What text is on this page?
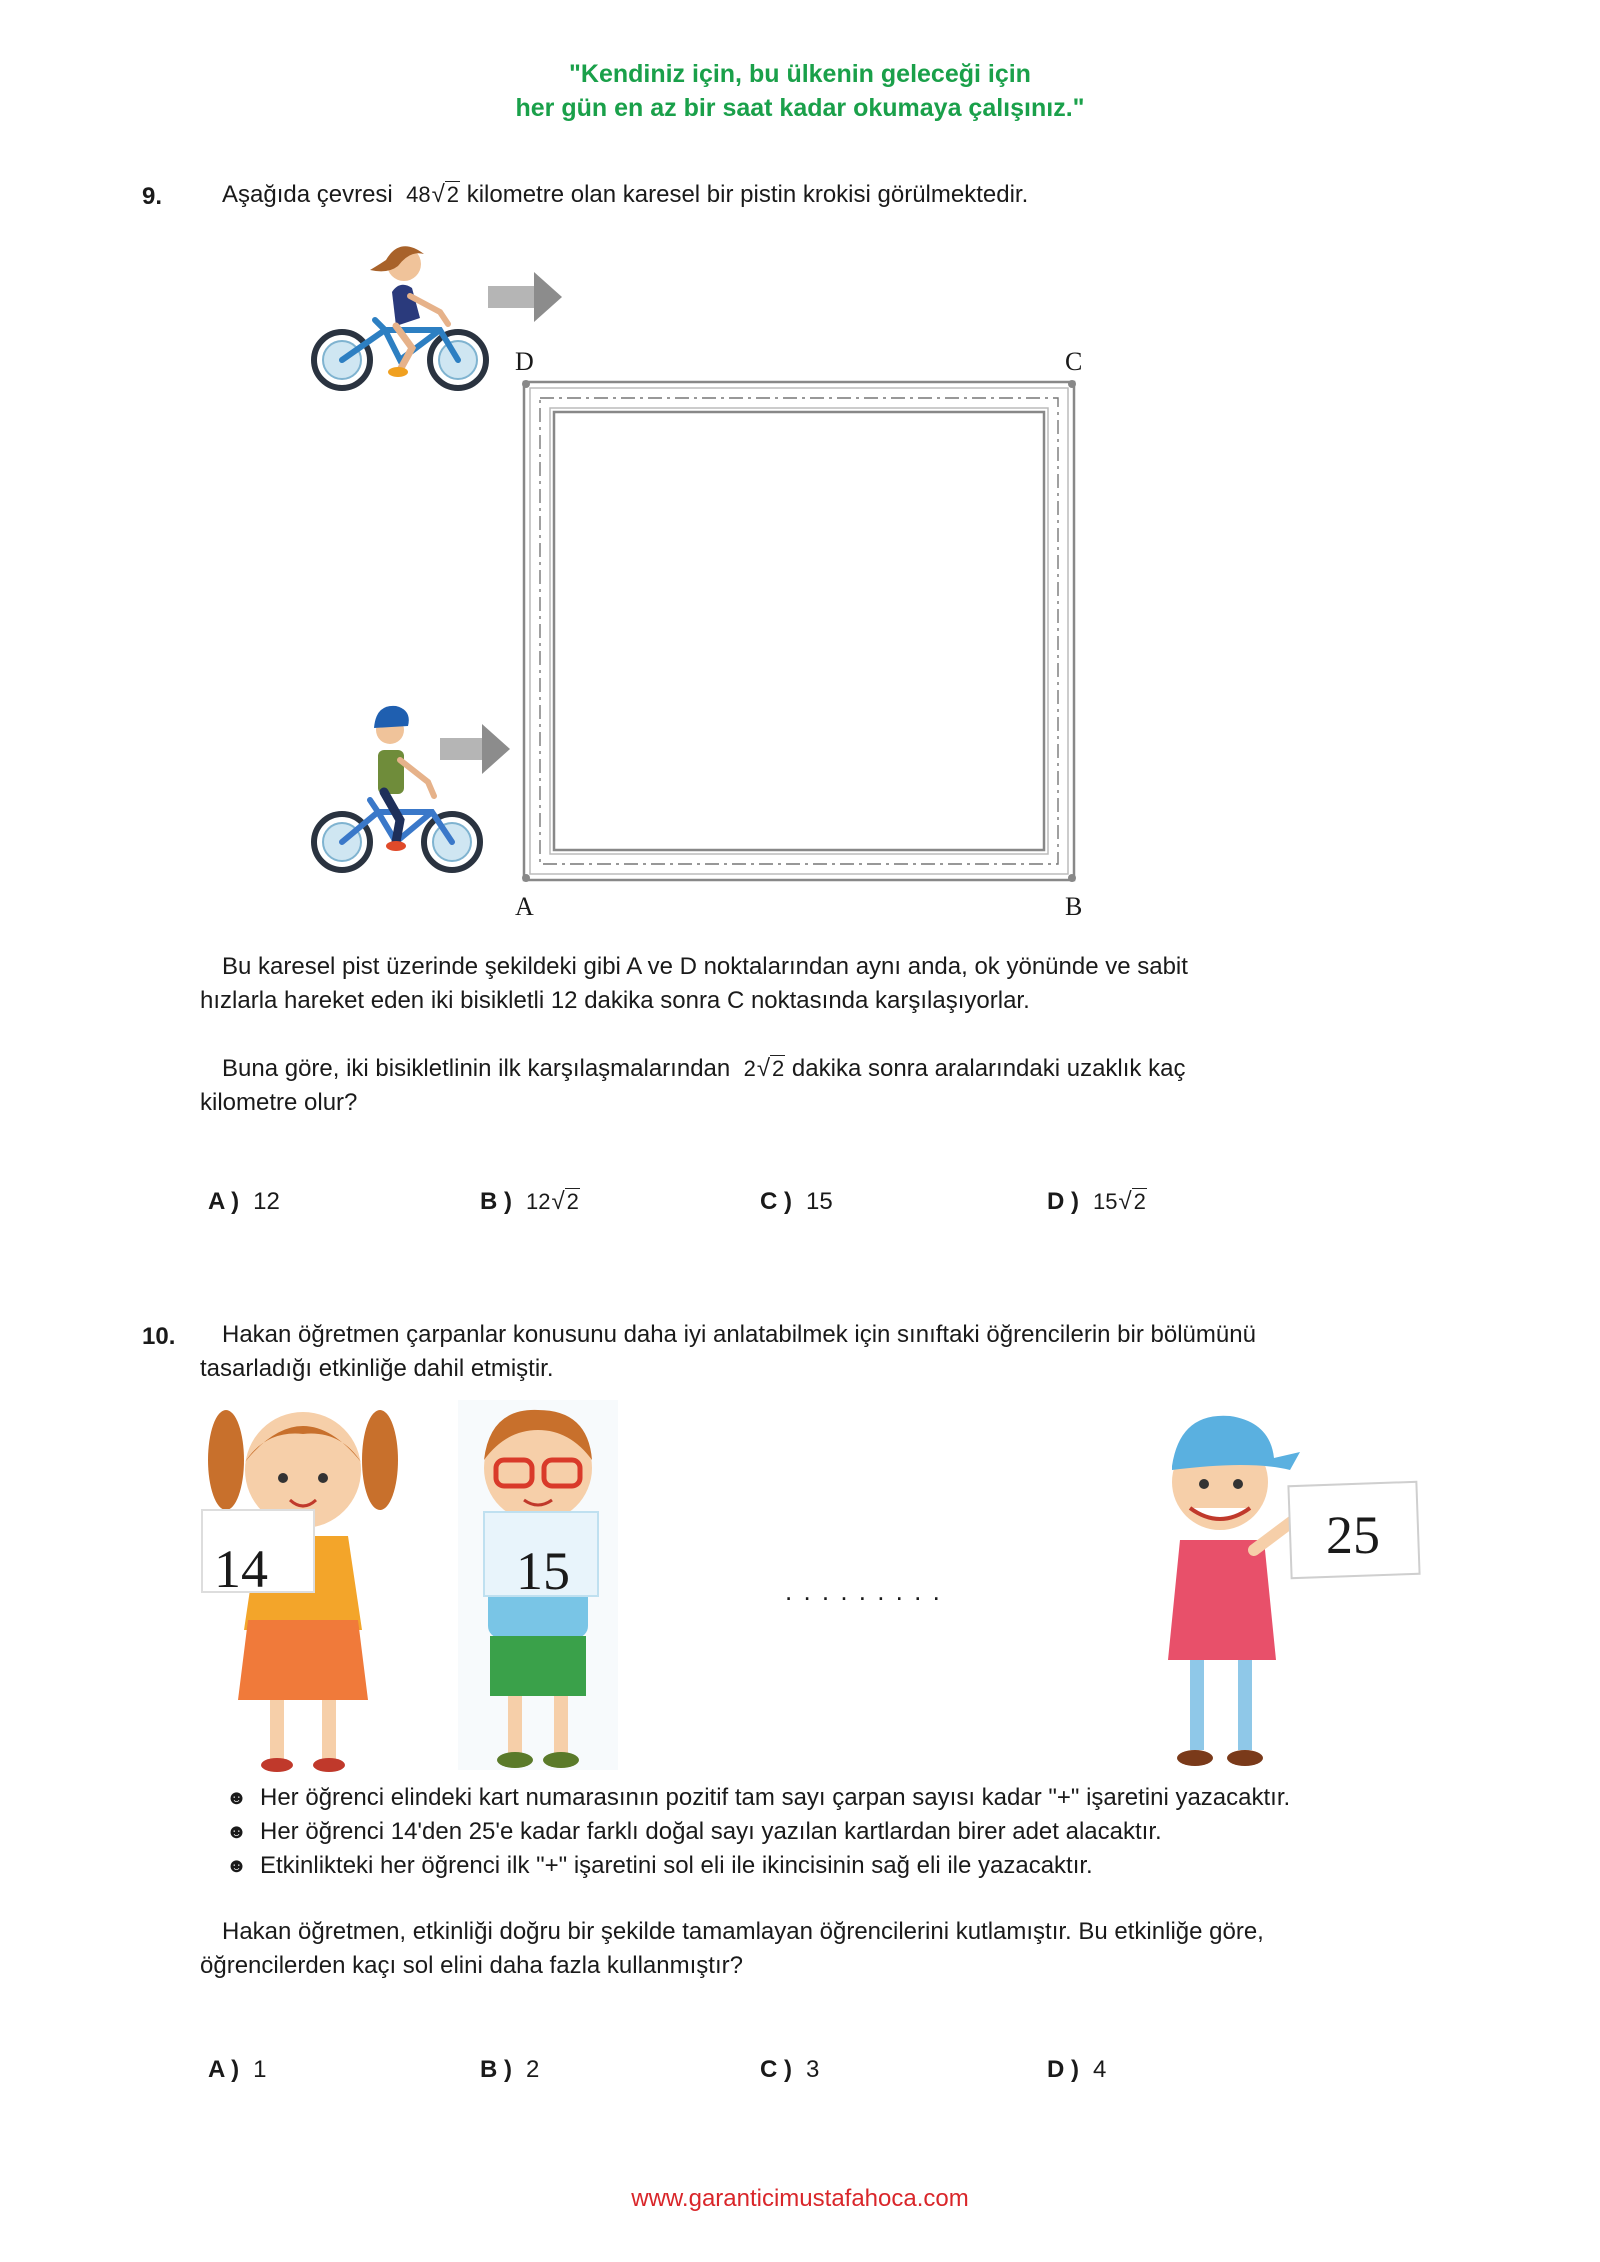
"Kendiniz için, bu ülkenin geleceği için
her gün en az bir saat kadar okumaya çalışınız."
9. Aşağıda çevresi 48√2 kilometre olan karesel bir pistin krokisi görülmektedir.
D	C
A	B
Bu karesel pist üzerinde şekildeki gibi A ve D noktalarından aynı anda, ok yönünde ve sabit
hızlarla hareket eden iki bisikletli 12 dakika sonra C noktasında karşılaşıyorlar.
Buna göre, iki bisikletlinin ilk karşılaşmalarından 2√2 dakika sonra aralarındaki uzaklık kaç
kilometre olur?
A ) 12	B ) 12√2	C ) 15	D ) 15√2
10. Hakan öğretmen çarpanlar konusunu daha iyi anlatabilmek için sınıftaki öğrencilerin bir bölümünü
tasarladığı etkinliğe dahil etmiştir.
14	15
25
. . . . . . . . .
☻ Her öğrenci elindeki kart numarasının pozitif tam sayı çarpan sayısı kadar "+" işaretini yazacaktır.
☻ Her öğrenci 14'den 25'e kadar farklı doğal sayı yazılan kartlardan birer adet alacaktır.
☻ Etkinlikteki her öğrenci ilk "+" işaretini sol eli ile ikincisinin sağ eli ile yazacaktır.
Hakan öğretmen, etkinliği doğru bir şekilde tamamlayan öğrencilerini kutlamıştır. Bu etkinliğe göre,
öğrencilerden kaçı sol elini daha fazla kullanmıştır?
A ) 1	B ) 2	C ) 3	D ) 4
www.garanticimustafahoca.com
